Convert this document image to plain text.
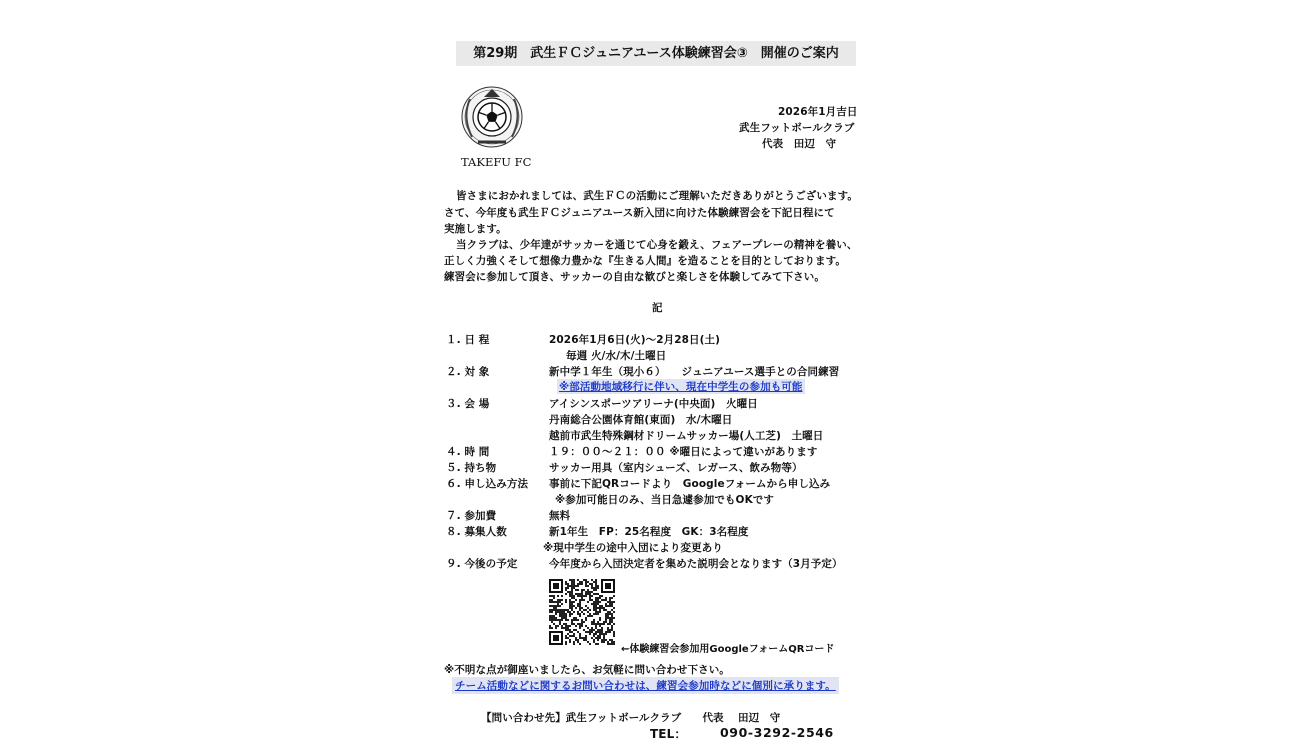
第29期　武生ＦＣジュニアユース体験練習会③　開催のご案内
TAKEFU FC
2026年1月吉日
武生フットボールクラブ
代表　田辺　守
皆さまにおかれましては、武生ＦＣの活動にご理解いただきありがとうございます。
さて、今年度も武生ＦＣジュニアユース新入団に向けた体験練習会を下記日程にて
実施します。
当クラブは、少年達がサッカーを通じて心身を鍛え、フェアープレーの精神を養い、
正しく力強くそして想像力豊かな『生きる人間』を造ることを目的としております。
練習会に参加して頂き、サッカーの自由な歓びと楽しさを体験してみて下さい。
記
１. 日 程	2026年1月6日(火)～2月28日(土)
毎週 火/水/木/土曜日
２. 対 象	新中学１年生（現小６）　　ジュニアユース選手との合同練習
※部活動地域移行に伴い、現在中学生の参加も可能
３. 会 場	アイシンスポーツアリーナ(中央面)　火曜日
丹南総合公園体育館(東面)　水/木曜日
越前市武生特殊鋼材ドリームサッカー場(人工芝)　土曜日
４. 時 間	１９：００～２１：００ ※曜日によって違いがあります
５. 持ち物	サッカー用具（室内シューズ、レガース、飲み物等）
６. 申し込み方法 事前に下記QRコードより　Googleフォームから申し込み
※参加可能日のみ、当日急遽参加でもOKです
７. 参加費	無料
８. 募集人数	新1年生　FP：25名程度　GK：3名程度
※現中学生の途中入団により変更あり
９. 今後の予定	今年度から入団決定者を集めた説明会となります（3月予定）
←体験練習会参加用GoogleフォームQRコード
※不明な点が御座いましたら、お気軽に問い合わせ下さい。
チーム活動などに関するお問い合わせは、練習会参加時などに個別に承ります。
【問い合わせ先】武生フットボールクラブ　　代表　 田辺　守
TEL：	090-3292-2546
